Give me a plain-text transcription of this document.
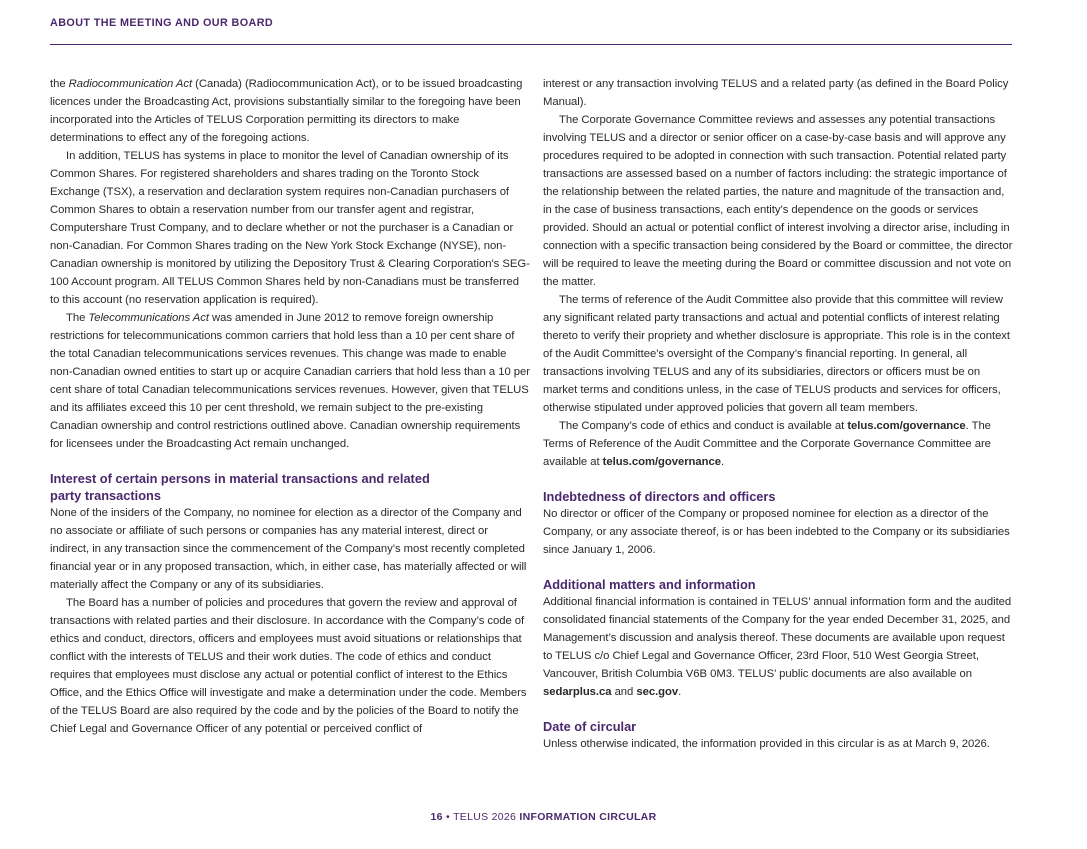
ABOUT THE MEETING AND OUR BOARD

the Radiocommunication Act (Canada) (Radiocommunication Act), or to be issued broadcasting licences under the Broadcasting Act, provisions substantially similar to the foregoing have been incorporated into the Articles of TELUS Corporation permitting its directors to make determinations to effect any of the foregoing actions.

In addition, TELUS has systems in place to monitor the level of Canadian ownership of its Common Shares. For registered shareholders and shares trading on the Toronto Stock Exchange (TSX), a reservation and declaration system requires non-Canadian purchasers of Common Shares to obtain a reservation number from our transfer agent and registrar, Computershare Trust Company, and to declare whether or not the purchaser is a Canadian or non-Canadian. For Common Shares trading on the New York Stock Exchange (NYSE), non-Canadian ownership is monitored by utilizing the Depository Trust & Clearing Corporation’s SEG-100 Account program. All TELUS Common Shares held by non-Canadians must be transferred to this account (no reservation application is required).

The Telecommunications Act was amended in June 2012 to remove foreign ownership restrictions for telecommunications common carriers that hold less than a 10 per cent share of the total Canadian telecommunications services revenues. This change was made to enable non-Canadian owned entities to start up or acquire Canadian carriers that hold less than a 10 per cent share of total Canadian telecommunications services revenues. However, given that TELUS and its affiliates exceed this 10 per cent threshold, we remain subject to the pre-existing Canadian ownership and control restrictions outlined above. Canadian ownership requirements for licensees under the Broadcasting Act remain unchanged.

Interest of certain persons in material transactions and related party transactions

None of the insiders of the Company, no nominee for election as a director of the Company and no associate or affiliate of such persons or companies has any material interest, direct or indirect, in any transaction since the commencement of the Company’s most recently completed financial year or in any proposed transaction, which, in either case, has materially affected or will materially affect the Company or any of its subsidiaries.

The Board has a number of policies and procedures that govern the review and approval of transactions with related parties and their disclosure. In accordance with the Company’s code of ethics and conduct, directors, officers and employees must avoid situations or relationships that conflict with the interests of TELUS and their work duties. The code of ethics and conduct requires that employees must disclose any actual or potential conflict of interest to the Ethics Office, and the Ethics Office will investigate and make a determination under the code. Members of the TELUS Board are also required by the code and by the policies of the Board to notify the Chief Legal and Governance Officer of any potential or perceived conflict of

interest or any transaction involving TELUS and a related party (as defined in the Board Policy Manual).

The Corporate Governance Committee reviews and assesses any potential transactions involving TELUS and a director or senior officer on a case-by-case basis and will approve any procedures required to be adopted in connection with such transaction. Potential related party transactions are assessed based on a number of factors including: the strategic importance of the relationship between the related parties, the nature and magnitude of the transaction and, in the case of business transactions, each entity’s dependence on the goods or services provided. Should an actual or potential conflict of interest involving a director arise, including in connection with a specific transaction being considered by the Board or committee, the director will be required to leave the meeting during the Board or committee discussion and not vote on the matter.

The terms of reference of the Audit Committee also provide that this committee will review any significant related party transactions and actual and potential conflicts of interest relating thereto to verify their propriety and whether disclosure is appropriate. This role is in the context of the Audit Committee’s oversight of the Company’s financial reporting. In general, all transactions involving TELUS and any of its subsidiaries, directors or officers must be on market terms and conditions unless, in the case of TELUS products and services for officers, otherwise stipulated under approved policies that govern all team members.

The Company’s code of ethics and conduct is available at telus.com/governance. The Terms of Reference of the Audit Committee and the Corporate Governance Committee are available at telus.com/governance.

Indebtedness of directors and officers

No director or officer of the Company or proposed nominee for election as a director of the Company, or any associate thereof, is or has been indebted to the Company or its subsidiaries since January 1, 2006.

Additional matters and information

Additional financial information is contained in TELUS’ annual information form and the audited consolidated financial statements of the Company for the year ended December 31, 2025, and Management’s discussion and analysis thereof. These documents are available upon request to TELUS c/o Chief Legal and Governance Officer, 23rd Floor, 510 West Georgia Street, Vancouver, British Columbia V6B 0M3. TELUS’ public documents are also available on sedarplus.ca and sec.gov.

Date of circular

Unless otherwise indicated, the information provided in this circular is as at March 9, 2026.

16 • TELUS 2026 INFORMATION CIRCULAR
